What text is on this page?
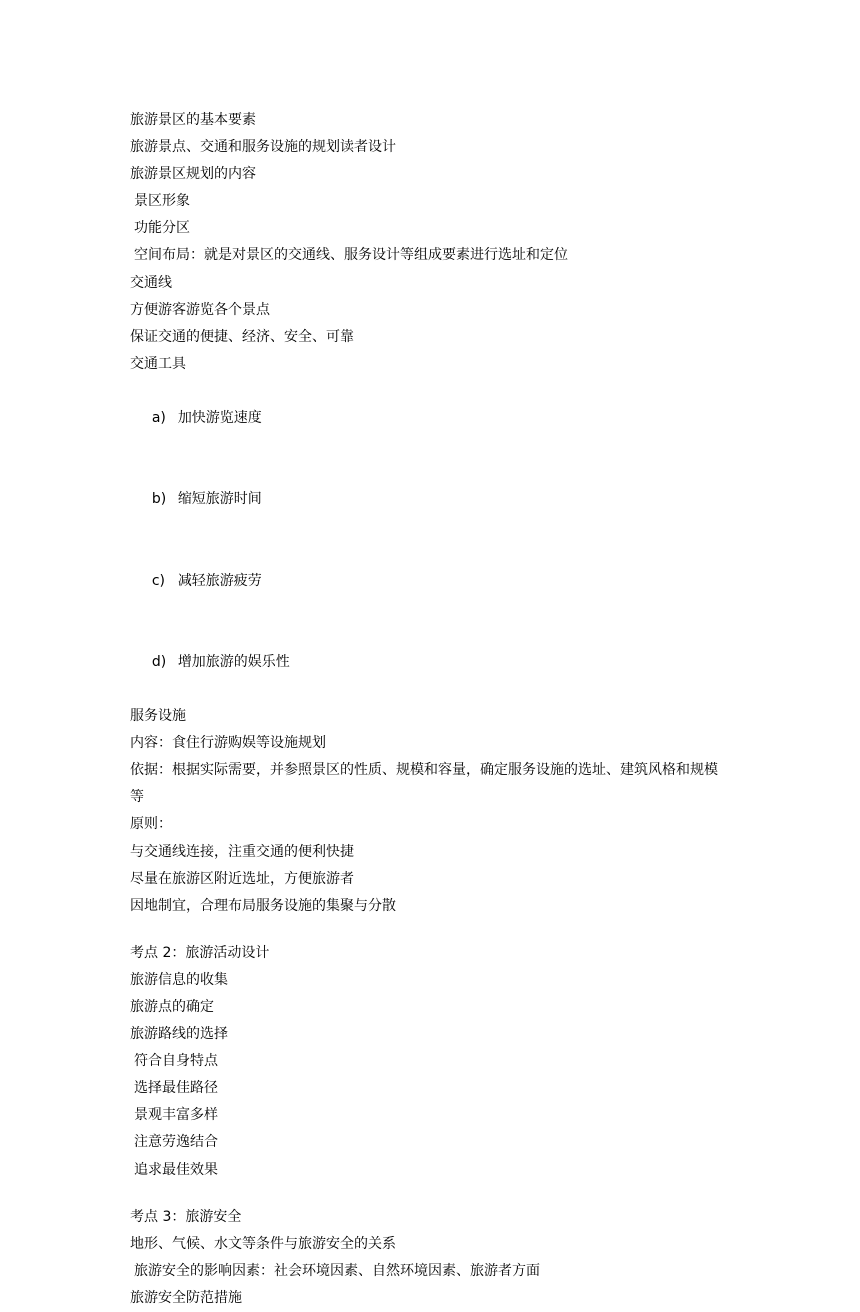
旅游景区的基本要素
旅游景点、交通和服务设施的规划读者设计
旅游景区规划的内容
景区形象
功能分区
空间布局：就是对景区的交通线、服务设计等组成要素进行选址和定位
交通线
方便游客游览各个景点
保证交通的便捷、经济、安全、可靠
交通工具

a) 加快游览速度

b) 缩短旅游时间

c) 减轻旅游疲劳

d) 增加旅游的娱乐性

服务设施
内容：食住行游购娱等设施规划
依据：根据实际需要，并参照景区的性质、规模和容量，确定服务设施的选址、建筑风格和规模等
原则：
与交通线连接，注重交通的便利快捷
尽量在旅游区附近选址，方便旅游者
因地制宜，合理布局服务设施的集聚与分散
考点 2：旅游活动设计
旅游信息的收集
旅游点的确定
旅游路线的选择
符合自身特点
选择最佳路径
景观丰富多样
注意劳逸结合
追求最佳效果
考点 3：旅游安全
地形、气候、水文等条件与旅游安全的关系
旅游安全的影响因素：社会环境因素、自然环境因素、旅游者方面
旅游安全防范措施
